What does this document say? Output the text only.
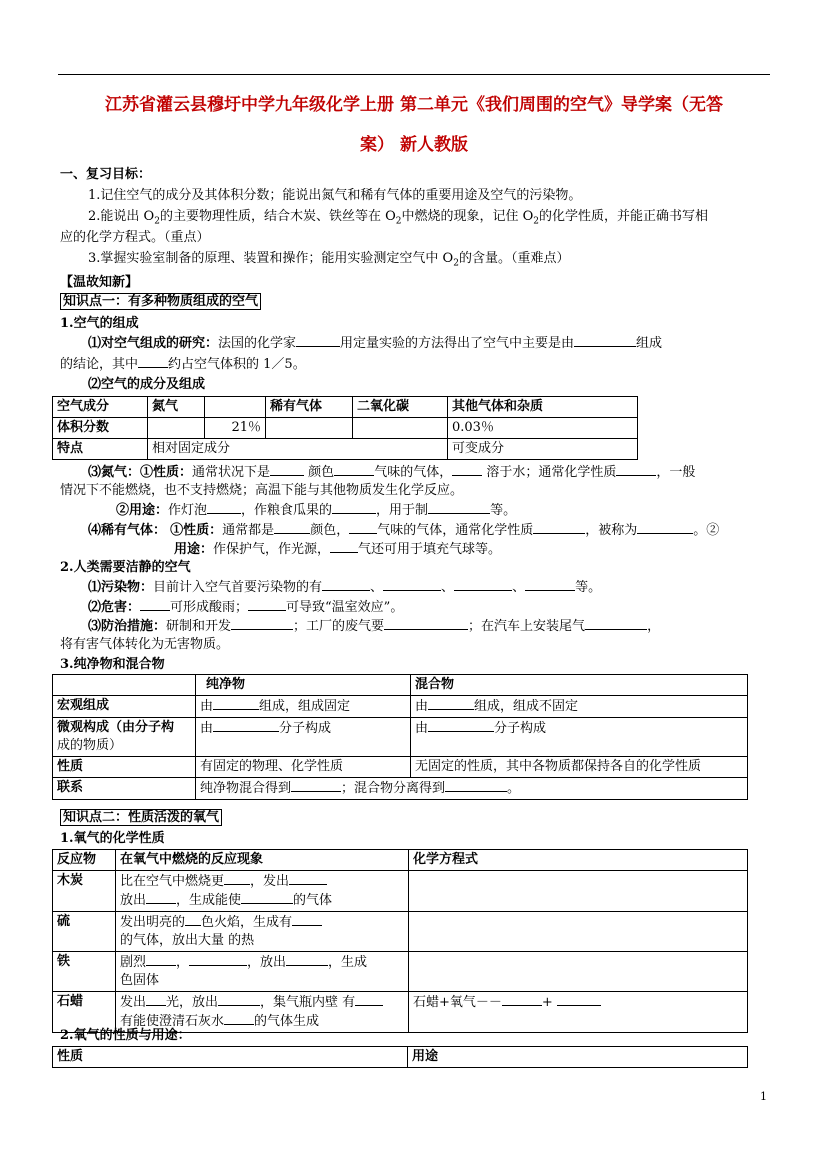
江苏省灌云县穆圩中学九年级化学上册 第二单元《我们周围的空气》导学案（无答
案） 新人教版
一、复习目标：
1.记住空气的成分及其体积分数；能说出氮气和稀有气体的重要用途及空气的污染物。
2.能说出 $O_2$的主要物理性质，结合木炭、铁丝等在 $O_2$中燃烧的现象，记住 $O_2$的化学性质，并能正确书写相
应的化学方程式。（重点）
3.掌握实验室制备的原理、装置和操作；能用实验测定空气中 $O_2$的含量。（重难点）
【温故知新】
知识点一：有多种物质组成的空气
1.空气的组成
⑴对空气组成的研究：法国的化学家	用定量实验的方法得出了空气中主要是由	组成
的结论，其中 约占空气体积的 1／5。
⑵空气的成分及组成
空气成分	氮气		稀有气体	二氧化碳	其他气体和杂质
体积分数		21％			0.03％
特点	相对固定成分				可变成分
⑶氮气：①性质：通常状况下是	颜色	气味的气体，	溶于水；通常化学性质	，一般
情况下不能燃烧，也不支持燃烧；高温下能与其他物质发生化学反应。
②用途：作灯泡	，作粮食瓜果的	，用于制	等。
⑷稀有气体： ①性质：通常都是	颜色， 气味的气体，通常化学性质	，被称为	。②
用途：作保护气，作光源， 气还可用于填充气球等。
2.人类需要洁静的空气
⑴污染物：目前计入空气首要污染物的有	、	、	、	等。
⑵危害： 可形成酸雨；	可导致“温室效应”。
⑶防治措施：研制和开发	；工厂的废气要	；在汽车上安装尾气	，
将有害气体转化为无害物质。
3.纯净物和混合物
	纯净物	混合物
宏观组成	由 组成，组成固定	由 组成，组成不固定
微观构成（由分子构
成的物质）	由 分子构成	由 分子构成
性质	有固定的物理、化学性质	无固定的性质，其中各物质都保持各自的化学性质
联系	纯净物混合得到 ；混合物分离得到 。	
知识点二：性质活泼的氧气
1.氧气的化学性质
反应物	在氧气中燃烧的反应现象	化学方程式
木炭	比在空气中燃烧更 ，发出
放出 ，生成能使 的气体	
硫	发出明亮的 色火焰，生成有
的气体，放出大量 的热	
铁	剧烈 ， ，放出 ，生成
色固体	
石蜡	发出 光，放出 ，集气瓶内壁 有
有能使澄清石灰水 的气体生成	石蜡+氧气－－ +
2.氧气的性质与用途：
性质	用途
1
